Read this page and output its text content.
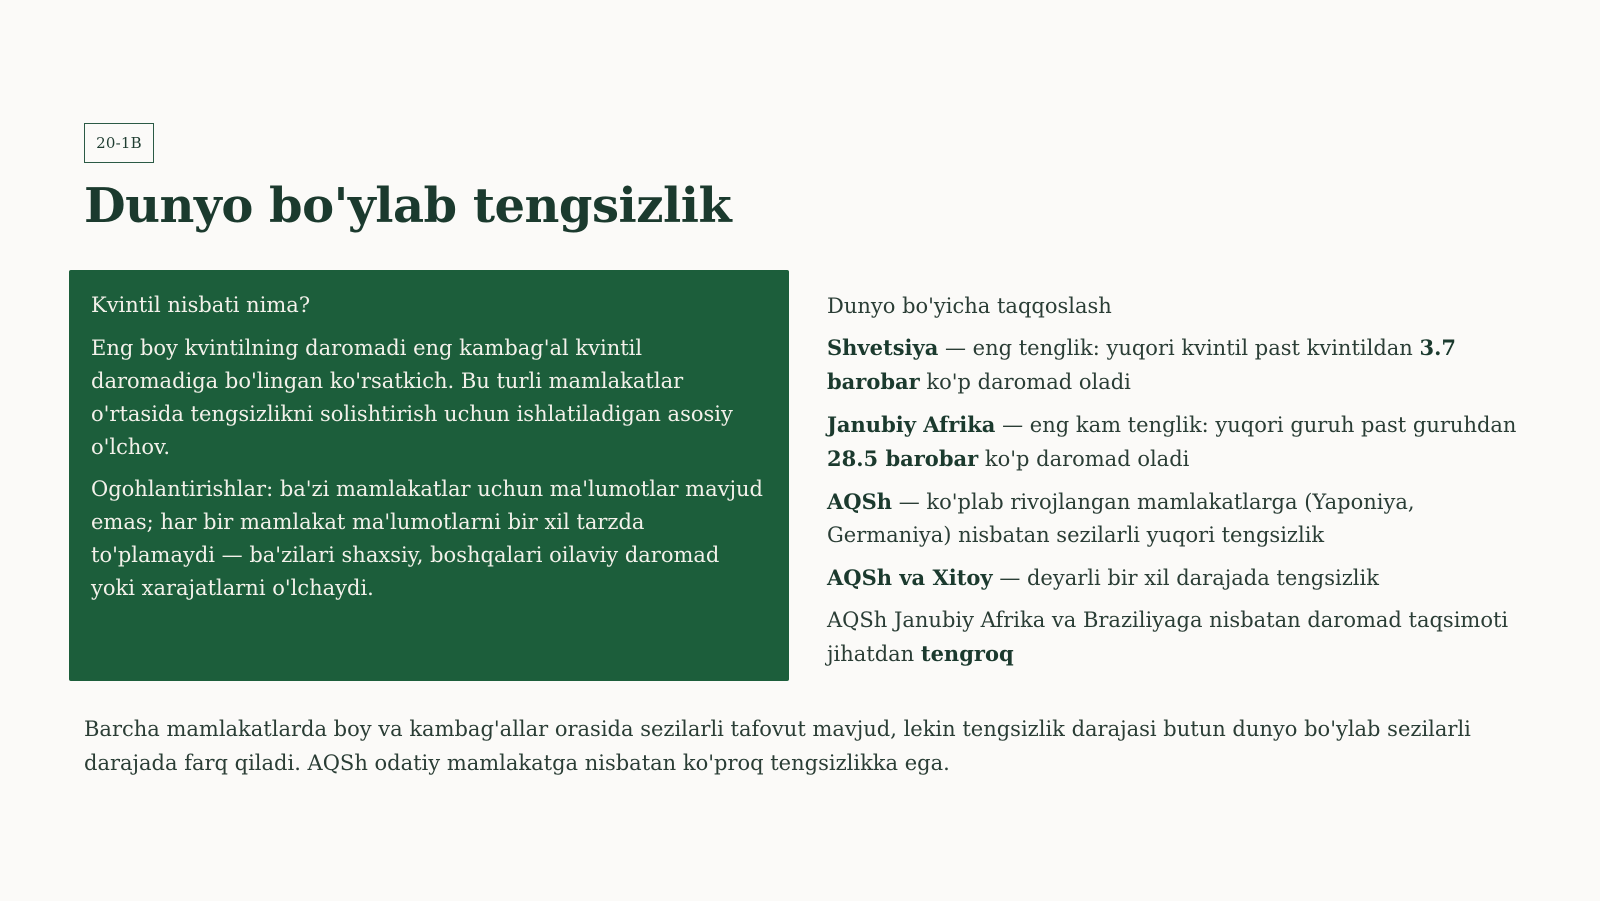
20-1B
Dunyo bo'ylab tengsizlik
Kvintil nisbati nima?

Eng boy kvintilning daromadi eng kambag'al kvintil daromadiga bo'lingan ko'rsatkich. Bu turli mamlakatlar o'rtasida tengsizlikni solishtirish uchun ishlatiladigan asosiy o'lchov.

Ogohlantirishlar: ba'zi mamlakatlar uchun ma'lumotlar mavjud emas; har bir mamlakat ma'lumotlarni bir xil tarzda to'plamaydi — ba'zilari shaxsiy, boshqalari oilaviy daromad yoki xarajatlarni o'lchaydi.

Dunyo bo'yicha taqqoslash

Shvetsiya — eng tenglik: yuqori kvintil past kvintildan 3.7 barobar ko'p daromad oladi

Janubiy Afrika — eng kam tenglik: yuqori guruh past guruhdan 28.5 barobar ko'p daromad oladi

AQSh — ko'plab rivojlangan mamlakatlarga (Yaponiya, Germaniya) nisbatan sezilarli yuqori tengsizlik

AQSh va Xitoy — deyarli bir xil darajada tengsizlik

AQSh Janubiy Afrika va Braziliyaga nisbatan daromad taqsimoti jihatdan tengroq

Barcha mamlakatlarda boy va kambag'allar orasida sezilarli tafovut mavjud, lekin tengsizlik darajasi butun dunyo bo'ylab sezilarli darajada farq qiladi. AQSh odatiy mamlakatga nisbatan ko'proq tengsizlikka ega.
